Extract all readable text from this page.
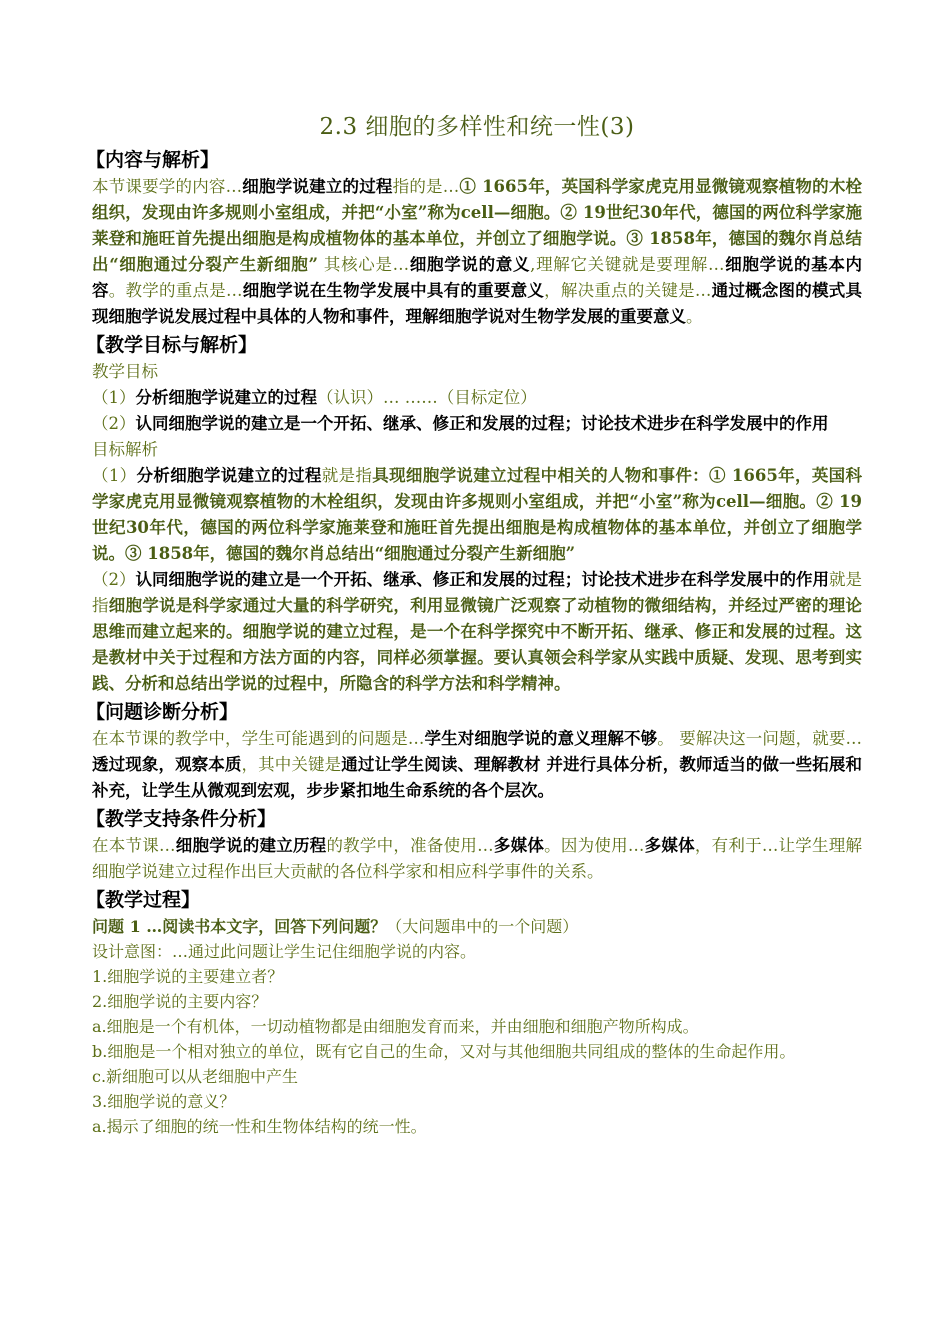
2.3 细胞的多样性和统一性(3)
【内容与解析】

本节课要学的内容…细胞学说建立的过程指的是…① 1665年，英国科学家虎克用显微镜观察植物的木栓组织，发现由许多规则小室组成，并把“小室”称为cell—细胞。② 19世纪30年代，德国的两位科学家施莱登和施旺首先提出细胞是构成植物体的基本单位，并创立了细胞学说。③ 1858年，德国的魏尔肖总结出“细胞通过分裂产生新细胞” 其核心是…细胞学说的意义,理解它关键就是要理解…细胞学说的基本内容。教学的重点是…细胞学说在生物学发展中具有的重要意义，解决重点的关键是…通过概念图的模式具现细胞学说发展过程中具体的人物和事件，理解细胞学说对生物学发展的重要意义。

【教学目标与解析】

教学目标

（1）分析细胞学说建立的过程（认识）… ……（目标定位）

（2）认同细胞学说的建立是一个开拓、继承、修正和发展的过程；讨论技术进步在科学发展中的作用

目标解析

（1）分析细胞学说建立的过程就是指具现细胞学说建立过程中相关的人物和事件：① 1665年，英国科学家虎克用显微镜观察植物的木栓组织，发现由许多规则小室组成，并把“小室”称为cell—细胞。② 19世纪30年代，德国的两位科学家施莱登和施旺首先提出细胞是构成植物体的基本单位，并创立了细胞学说。③ 1858年，德国的魏尔肖总结出“细胞通过分裂产生新细胞”

（2）认同细胞学说的建立是一个开拓、继承、修正和发展的过程；讨论技术进步在科学发展中的作用就是指细胞学说是科学家通过大量的科学研究，利用显微镜广泛观察了动植物的微细结构，并经过严密的理论思维而建立起来的。细胞学说的建立过程，是一个在科学探究中不断开拓、继承、修正和发展的过程。这是教材中关于过程和方法方面的内容，同样必须掌握。要认真领会科学家从实践中质疑、发现、思考到实践、分析和总结出学说的过程中，所隐含的科学方法和科学精神。

【问题诊断分析】

在本节课的教学中，学生可能遇到的问题是…学生对细胞学说的意义理解不够。 要解决这一问题，就要…透过现象，观察本质，其中关键是通过让学生阅读、理解教材 并进行具体分析，教师适当的做一些拓展和补充，让学生从微观到宏观，步步紧扣地生命系统的各个层次。

【教学支持条件分析】

在本节课…细胞学说的建立历程的教学中，准备使用…多媒体。因为使用…多媒体，有利于…让学生理解细胞学说建立过程作出巨大贡献的各位科学家和相应科学事件的关系。

【教学过程】

问题 1 …阅读书本文字，回答下列问题？（大问题串中的一个问题）

设计意图：…通过此问题让学生记住细胞学说的内容。

1.细胞学说的主要建立者？

2.细胞学说的主要内容？

a.细胞是一个有机体，一切动植物都是由细胞发育而来，并由细胞和细胞产物所构成。

b.细胞是一个相对独立的单位，既有它自己的生命，又对与其他细胞共同组成的整体的生命起作用。

c.新细胞可以从老细胞中产生

3.细胞学说的意义？

a.揭示了细胞的统一性和生物体结构的统一性。
